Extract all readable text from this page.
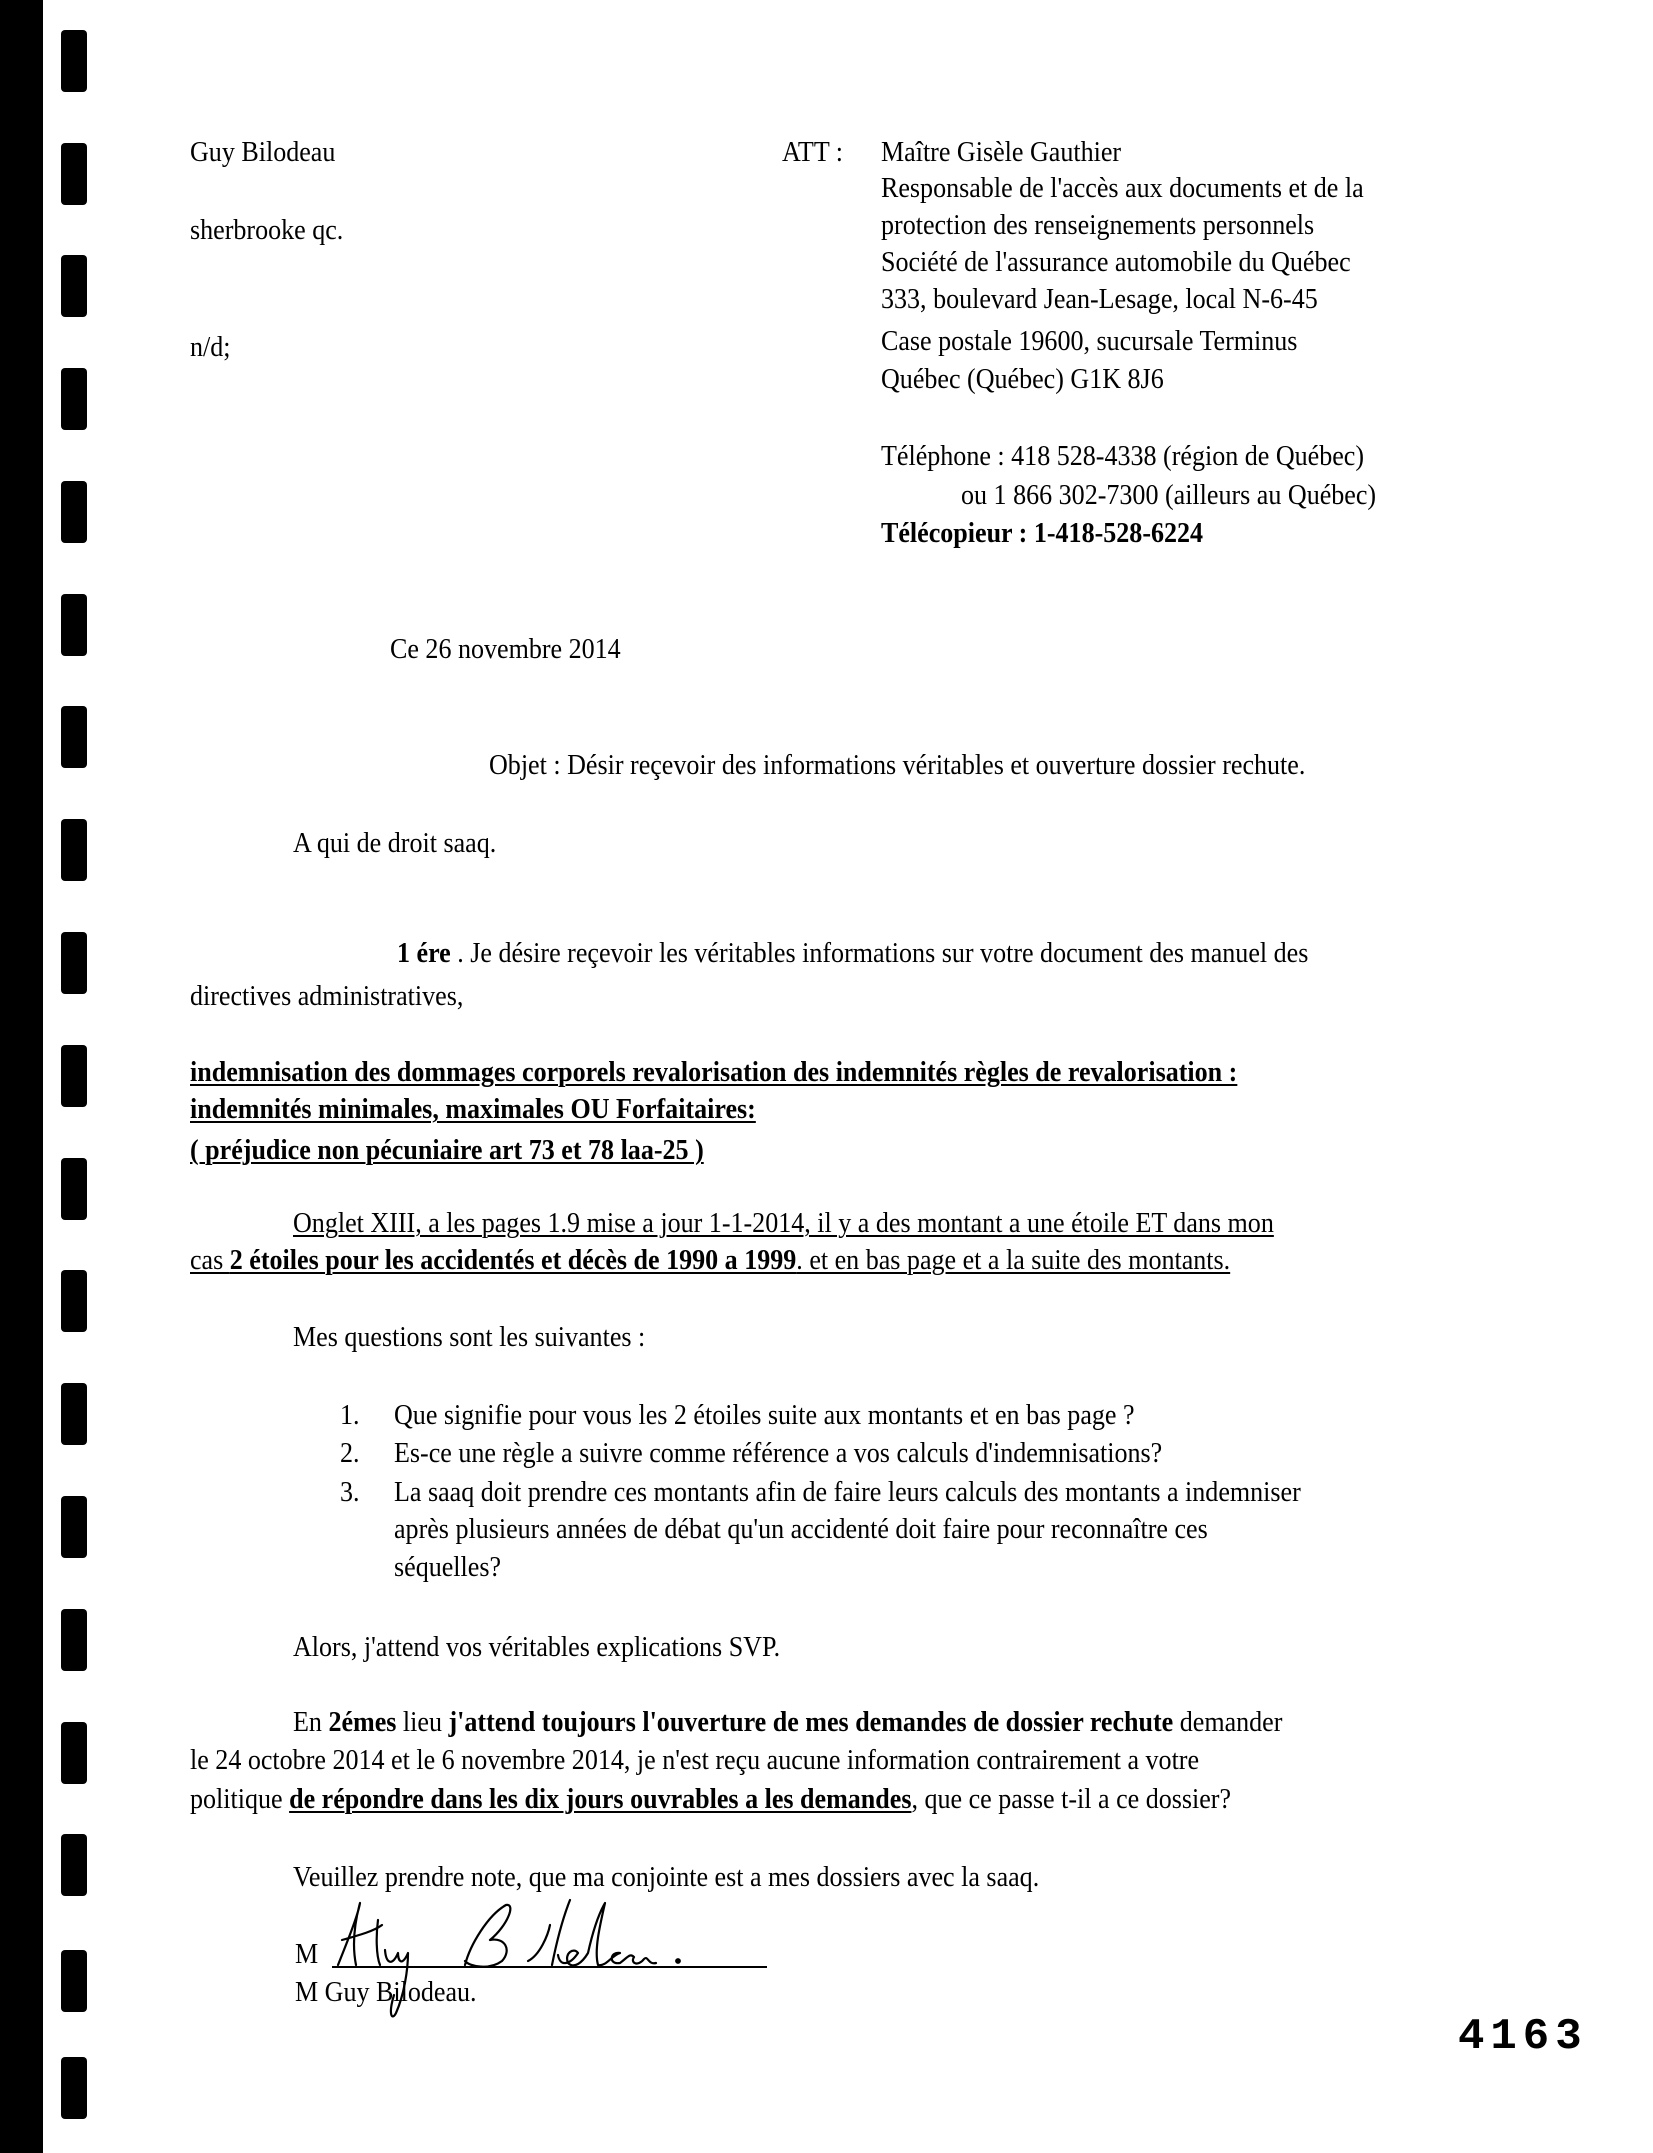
Guy Bilodeau
sherbrooke qc.
n/d;
ATT : Maître Gisèle Gauthier
Responsable de l'accès aux documents et de la
protection des renseignements personnels
Société de l'assurance automobile du Québec
333, boulevard Jean-Lesage, local N-6-45
Case postale 19600, sucursale Terminus
Québec (Québec) G1K 8J6
Téléphone : 418 528-4338 (région de Québec)
ou 1 866 302-7300 (ailleurs au Québec)
Télécopieur : 1-418-528-6224
Ce 26 novembre 2014
Objet : Désir reçevoir des informations véritables et ouverture dossier rechute.
A qui de droit saaq.
1 ére . Je désire reçevoir les véritables informations sur votre document des manuel des
directives administratives,
indemnisation des dommages corporels revalorisation des indemnités règles de revalorisation :
indemnités minimales, maximales OU Forfaitaires:
( préjudice non pécuniaire art 73 et 78 laa-25 )
Onglet XIII, a les pages 1.9 mise a jour 1-1-2014, il y a des montant a une étoile ET dans mon
cas 2 étoiles pour les accidentés et décès de 1990 a 1999. et en bas page et a la suite des montants.
Mes questions sont les suivantes :
1. Que signifie pour vous les 2 étoiles suite aux montants et en bas page ?
2. Es-ce une règle a suivre comme référence a vos calculs d'indemnisations?
3. La saaq doit prendre ces montants afin de faire leurs calculs des montants a indemniser
après plusieurs années de débat qu'un accidenté doit faire pour reconnaître ces
séquelles?
Alors, j'attend vos véritables explications SVP.
En 2émes lieu j'attend toujours l'ouverture de mes demandes de dossier rechute demander
le 24 octobre 2014 et le 6 novembre 2014, je n'est reçu aucune information contrairement a votre
politique de répondre dans les dix jours ouvrables a les demandes, que ce passe t-il a ce dossier?
Veuillez prendre note, que ma conjointe est a mes dossiers avec la saaq.
M
M Guy Bilodeau.
4163
